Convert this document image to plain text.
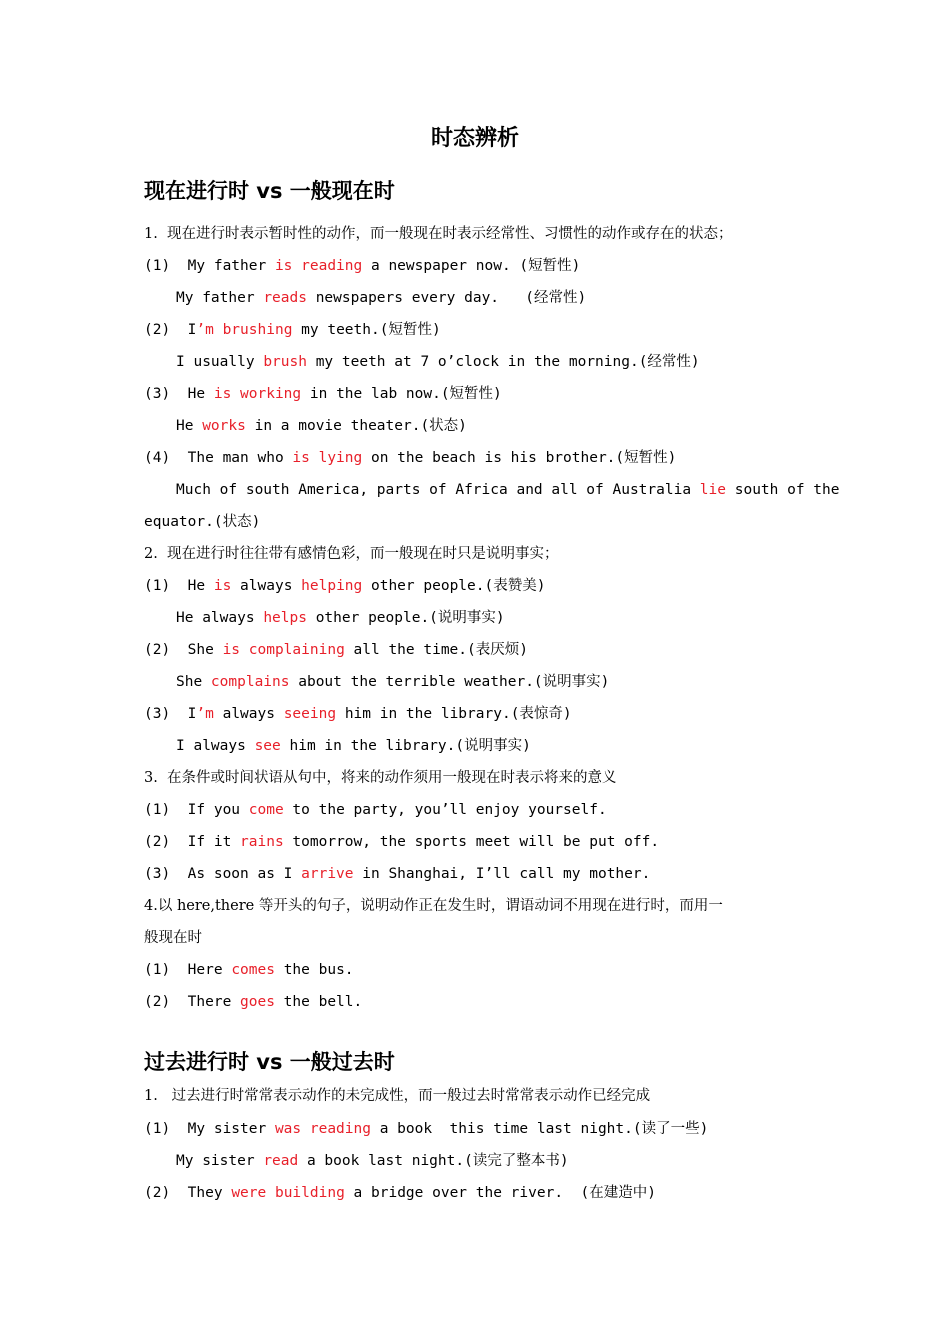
时态辨析
现在进行时 vs 一般现在时
1.  现在进行时表示暂时性的动作，而一般现在时表示经常性、习惯性的动作或存在的状态；
(1)  My father is reading a newspaper now. (短暂性)
My father reads newspapers every day.   (经常性)
(2)  I’m brushing my teeth.(短暂性)
I usually brush my teeth at 7 o’clock in the morning.(经常性)
(3)  He is working in the lab now.(短暂性)
He works in a movie theater.(状态)
(4)  The man who is lying on the beach is his brother.(短暂性)
Much of south America, parts of Africa and all of Australia lie south of the
equator.(状态)
2.  现在进行时往往带有感情色彩，而一般现在时只是说明事实；
(1)  He is always helping other people.(表赞美)
He always helps other people.(说明事实)
(2)  She is complaining all the time.(表厌烦)
She complains about the terrible weather.(说明事实)
(3)  I’m always seeing him in the library.(表惊奇)
I always see him in the library.(说明事实)
3.  在条件或时间状语从句中，将来的动作须用一般现在时表示将来的意义
(1)  If you come to the party, you’ll enjoy yourself.
(2)  If it rains tomorrow, the sports meet will be put off.
(3)  As soon as I arrive in Shanghai, I’ll call my mother.
4.以 here,there 等开头的句子，说明动作正在发生时，谓语动词不用现在进行时，而用一
般现在时
(1)  Here comes the bus.
(2)  There goes the bell.
过去进行时 vs 一般过去时
1.   过去进行时常常表示动作的未完成性，而一般过去时常常表示动作已经完成
(1)  My sister was reading a book  this time last night.(读了一些)
My sister read a book last night.(读完了整本书)
(2)  They were building a bridge over the river.  (在建造中)
